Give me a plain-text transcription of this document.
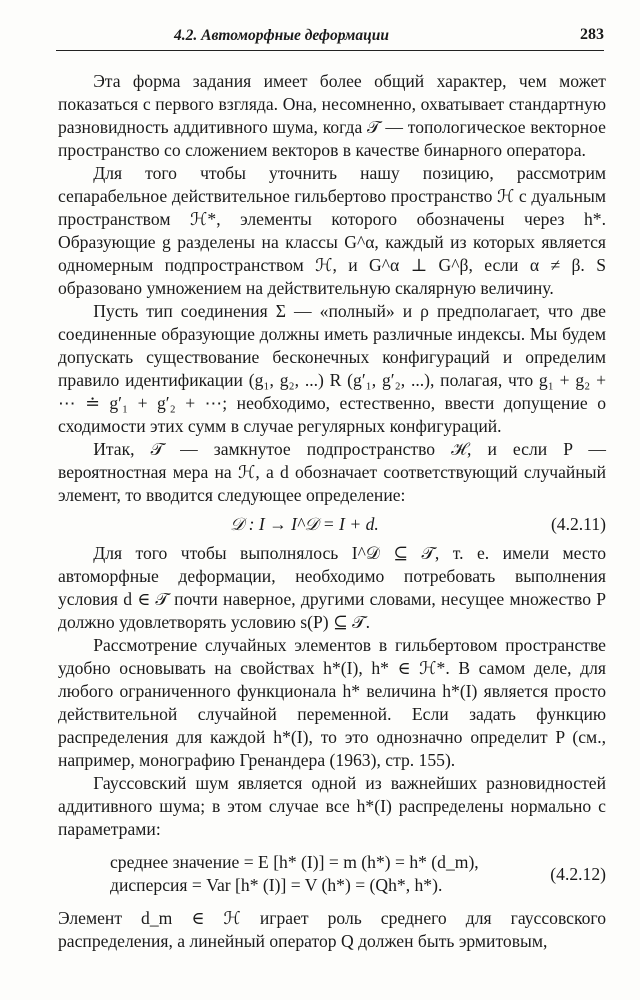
4.2. Автоморфные деформации	283

Эта форма задания имеет более общий характер, чем может показаться с первого взгляда. Она, несомненно, охватывает стандартную разновидность аддитивного шума, когда 𝒯 — топологическое векторное пространство со сложением векторов в качестве бинарного оператора.

Для того чтобы уточнить нашу позицию, рассмотрим сепарабельное действительное гильбертово пространство ℋ с дуальным пространством ℋ*, элементы которого обозначены через h*. Образующие g разделены на классы G^α, каждый из которых является одномерным подпространством ℋ, и G^α ⊥ G^β, если α ≠ β. S образовано умножением на действительную скалярную величину.

Пусть тип соединения Σ — «полный» и ρ предполагает, что две соединенные образующие должны иметь различные индексы. Мы будем допускать существование бесконечных конфигураций и определим правило идентификации (g₁, g₂, ...) R (g′₁, g′₂, ...), полагая, что g₁ + g₂ + ⋯ ≐ g′₁ + g′₂ + ⋯; необходимо, естественно, ввести допущение о сходимости этих сумм в случае регулярных конфигураций.

Итак, 𝒯 — замкнутое подпространство ℋ, и если P — вероятностная мера на ℋ, а d обозначает соответствующий случайный элемент, то вводится следующее определение:

𝒟 : I → I^𝒟 = I + d.	(4.2.11)

Для того чтобы выполнялось I^𝒟 ⊆ 𝒯, т. е. имели место автоморфные деформации, необходимо потребовать выполнения условия d ∈ 𝒯 почти наверное, другими словами, несущее множество P должно удовлетворять условию s(P) ⊆ 𝒯.

Рассмотрение случайных элементов в гильбертовом пространстве удобно основывать на свойствах h*(I), h* ∈ ℋ*. В самом деле, для любого ограниченного функционала h* величина h*(I) является просто действительной случайной переменной. Если задать функцию распределения для каждой h*(I), то это однозначно определит P (см., например, монографию Гренандера (1963), стр. 155).

Гауссовский шум является одной из важнейших разновидностей аддитивного шума; в этом случае все h*(I) распределены нормально с параметрами:

среднее значение = E [h* (I)] = m (h*) = h* (d_m),
дисперсия = Var [h* (I)] = V (h*) = (Qh*, h*).
(4.2.12)

Элемент d_m ∈ ℋ играет роль среднего для гауссовского распределения, а линейный оператор Q должен быть эрмитовым,
